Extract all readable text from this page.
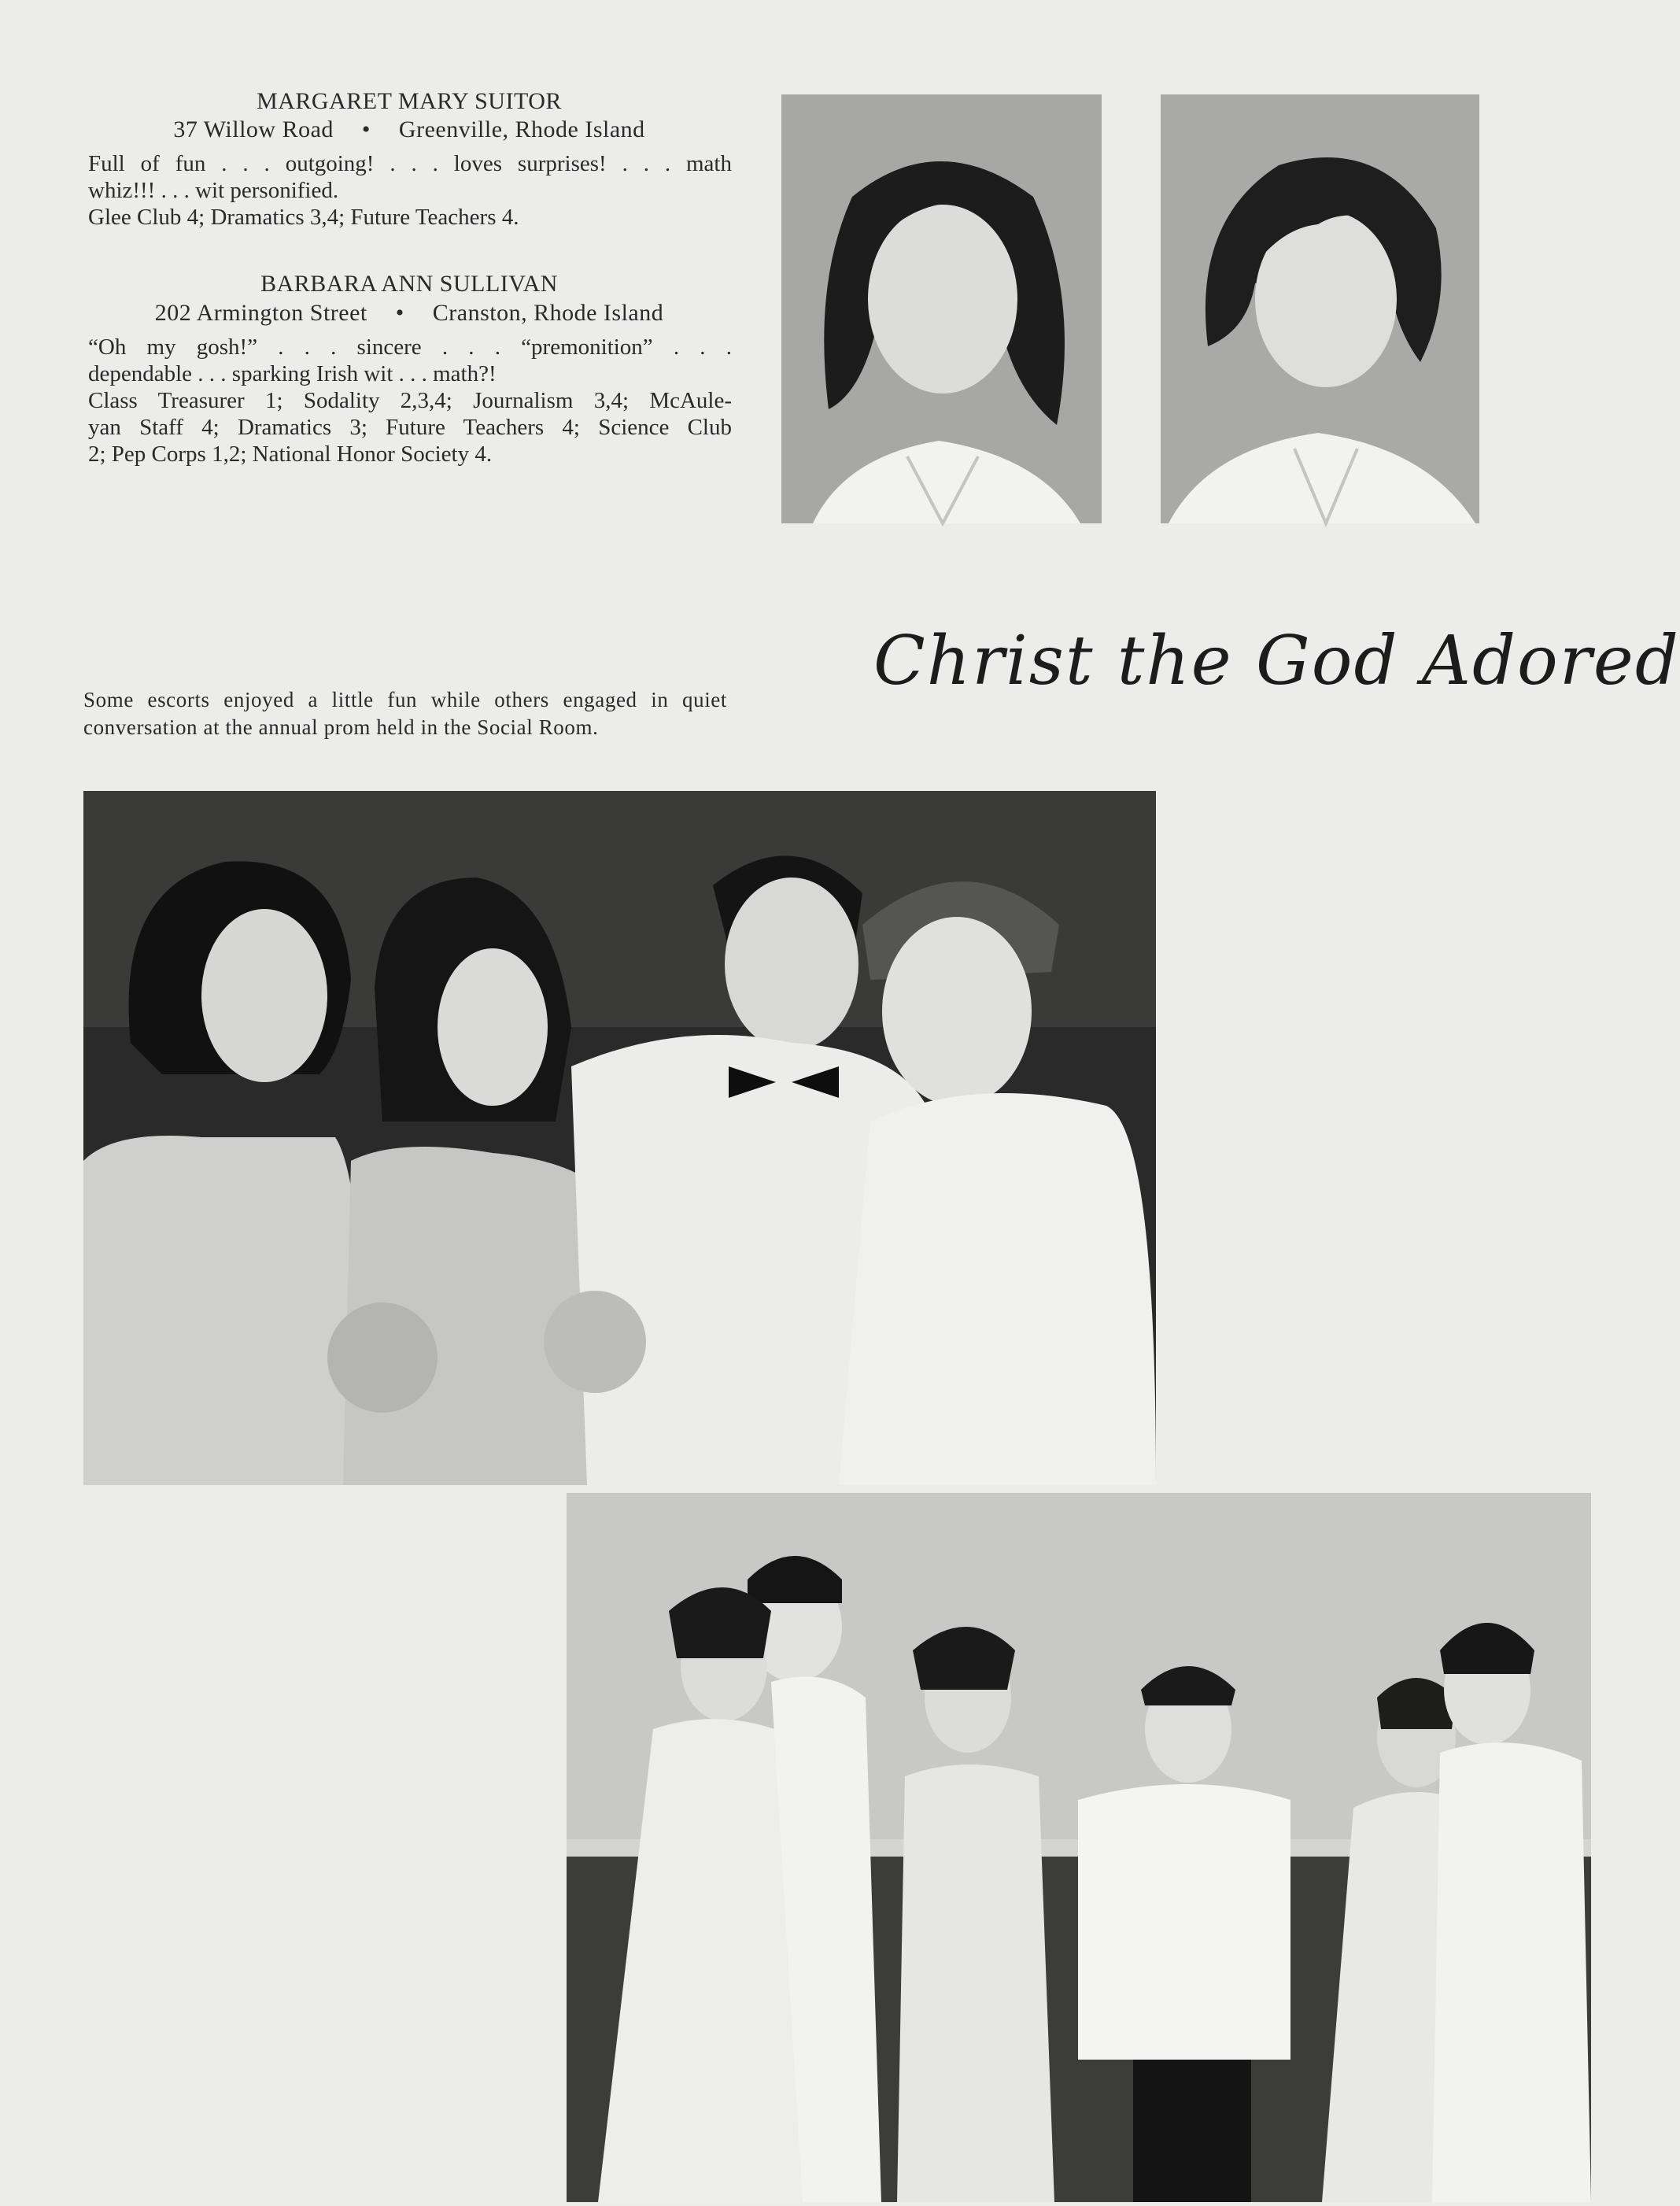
MARGARET MARY SUITOR
37 Willow Road • Greenville, Rhode Island
Full of fun . . . outgoing! . . . loves surprises! . . . math
whiz!!! . . . wit personified.
Glee Club 4; Dramatics 3,4; Future Teachers 4.
BARBARA ANN SULLIVAN
202 Armington Street • Cranston, Rhode Island
“Oh my gosh!” . . . sincere . . . “premonition” . . .
dependable . . . sparking Irish wit . . . math?!
Class Treasurer 1; Sodality 2,3,4; Journalism 3,4; McAule-
yan Staff 4; Dramatics 3; Future Teachers 4; Science Club
2; Pep Corps 1,2; National Honor Society 4.
Christ the God Adored
Some escorts enjoyed a little fun while others engaged in quiet conversation at the annual prom held in the Social Room.
